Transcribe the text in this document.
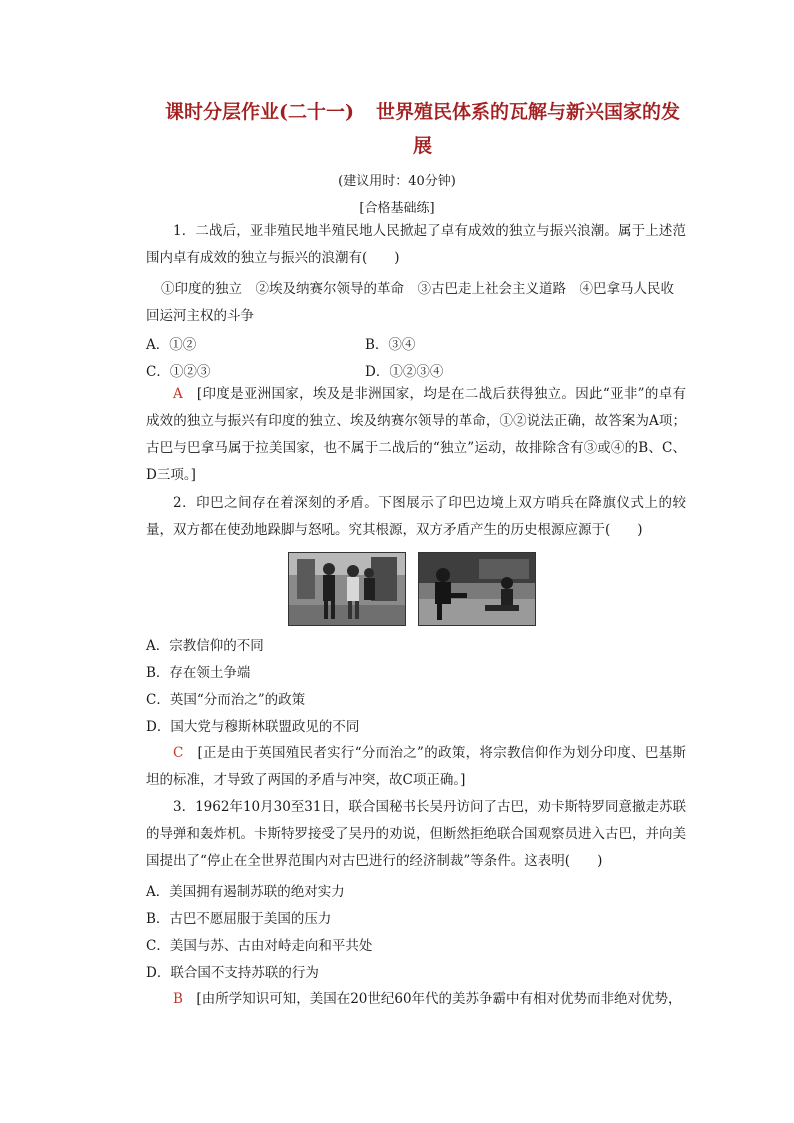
课时分层作业(二十一) 世界殖民体系的瓦解与新兴国家的发
展
(建议用时：40分钟)
[合格基础练]
1．二战后，亚非殖民地半殖民地人民掀起了卓有成效的独立与振兴浪潮。属于上述范围内卓有成效的独立与振兴的浪潮有(　　)
①印度的独立　②埃及纳赛尔领导的革命　③古巴走上社会主义道路　④巴拿马人民收
回运河主权的斗争
A．①②	B．③④
C．①②③	D．①②③④
A　 [印度是亚洲国家，埃及是非洲国家，均是在二战后获得独立。因此“亚非”的卓有成效的独立与振兴有印度的独立、埃及纳赛尔领导的革命，①②说法正确，故答案为A项；古巴与巴拿马属于拉美国家，也不属于二战后的“独立”运动，故排除含有③或④的B、C、D三项。]
2．印巴之间存在着深刻的矛盾。下图展示了印巴边境上双方哨兵在降旗仪式上的较量，双方都在使劲地跺脚与怒吼。究其根源，双方矛盾产生的历史根源应源于(　　)
A．宗教信仰的不同
B．存在领土争端
C．英国“分而治之”的政策
D．国大党与穆斯林联盟政见的不同
C　 [正是由于英国殖民者实行“分而治之”的政策，将宗教信仰作为划分印度、巴基斯坦的标准，才导致了两国的矛盾与冲突，故C项正确。]
3．1962年10月30至31日，联合国秘书长吴丹访问了古巴，劝卡斯特罗同意撤走苏联的导弹和轰炸机。卡斯特罗接受了吴丹的劝说，但断然拒绝联合国观察员进入古巴，并向美国提出了“停止在全世界范围内对古巴进行的经济制裁”等条件。这表明(　　)
A．美国拥有遏制苏联的绝对实力
B．古巴不愿屈服于美国的压力
C．美国与苏、古由对峙走向和平共处
D．联合国不支持苏联的行为
B　 [由所学知识可知，美国在20世纪60年代的美苏争霸中有相对优势而非绝对优势，
